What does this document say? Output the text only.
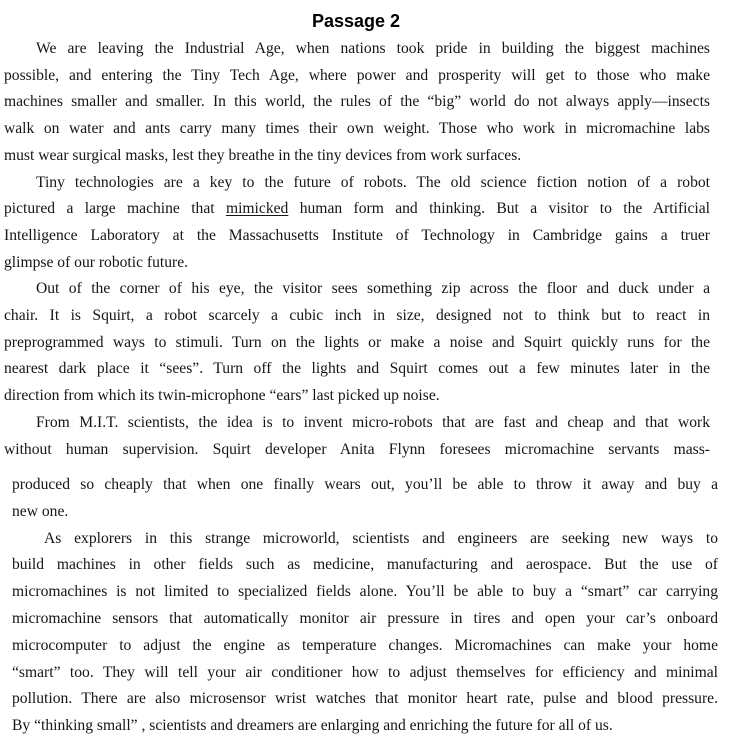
Passage 2
We are leaving the Industrial Age, when nations took pride in building the biggest machines
possible, and entering the Tiny Tech Age, where power and prosperity will get to those who make
machines smaller and smaller. In this world, the rules of the “big” world do not always apply—insects
walk on water and ants carry many times their own weight. Those who work in micromachine labs
must wear surgical masks, lest they breathe in the tiny devices from work surfaces.
Tiny technologies are a key to the future of robots. The old science fiction notion of a robot
pictured a large machine that mimicked human form and thinking. But a visitor to the Artificial
Intelligence Laboratory at the Massachusetts Institute of Technology in Cambridge gains a truer
glimpse of our robotic future.
Out of the corner of his eye, the visitor sees something zip across the floor and duck under a
chair. It is Squirt, a robot scarcely a cubic inch in size, designed not to think but to react in
preprogrammed ways to stimuli. Turn on the lights or make a noise and Squirt quickly runs for the
nearest dark place it “sees”. Turn off the lights and Squirt comes out a few minutes later in the
direction from which its twin-microphone “ears” last picked up noise.
From M.I.T. scientists, the idea is to invent micro-robots that are fast and cheap and that work
without human supervision. Squirt developer Anita Flynn foresees micromachine servants mass-
produced so cheaply that when one finally wears out, you’ll be able to throw it away and buy a
new one.
As explorers in this strange microworld, scientists and engineers are seeking new ways to
build machines in other fields such as medicine, manufacturing and aerospace. But the use of
micromachines is not limited to specialized fields alone. You’ll be able to buy a “smart” car carrying
micromachine sensors that automatically monitor air pressure in tires and open your car’s onboard
microcomputer to adjust the engine as temperature changes. Micromachines can make your home
“smart” too. They will tell your air conditioner how to adjust themselves for efficiency and minimal
pollution. There are also microsensor wrist watches that monitor heart rate, pulse and blood pressure.
By “thinking small” , scientists and dreamers are enlarging and enriching the future for all of us.
